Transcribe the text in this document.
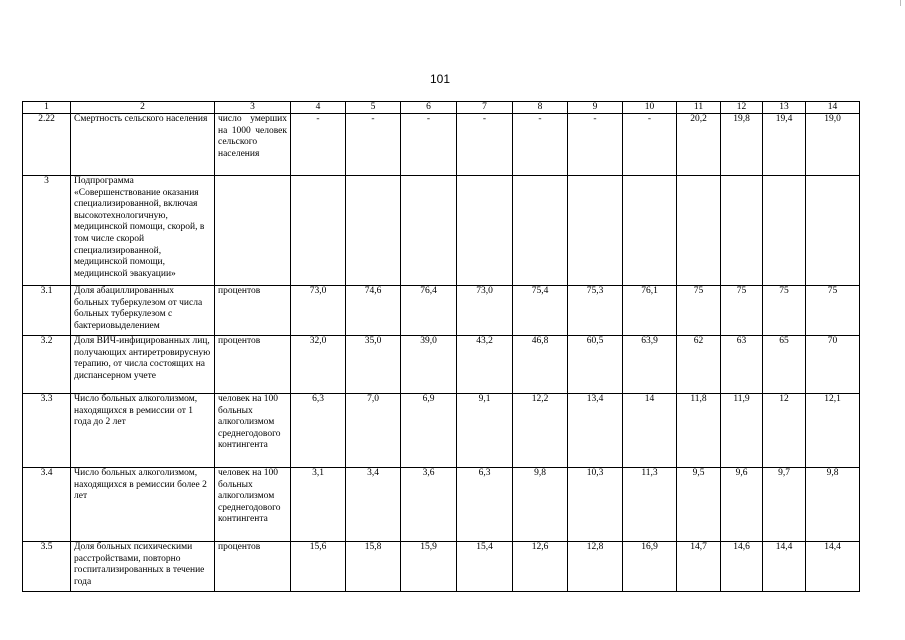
101
1	2	3	4	5	6	7	8	9	10	11	12	13	14
2.22	Смертность сельского населения	число умерших на 1000 человек сельского населения	-	-	-	-	-	-	-	20,2	19,8	19,4	19,0
3	Подпрограмма «Совершенствование оказания специализированной, включая высокотехнологичную, медицинской помощи, скорой, в том числе скорой специализированной, медицинской помощи, медицинской эвакуации»												
3.1	Доля абациллированных больных туберкулезом от числа больных туберкулезом с бактериовыделением	процентов	73,0	74,6	76,4	73,0	75,4	75,3	76,1	75	75	75	75
3.2	Доля ВИЧ-инфицированных лиц, получающих антиретровирусную терапию, от числа состоящих на диспансерном учете	процентов	32,0	35,0	39,0	43,2	46,8	60,5	63,9	62	63	65	70
3.3	Число больных алкоголизмом, находящихся в ремиссии от 1 года до 2 лет	человек на 100 больных алкоголизмом среднегодового контингента	6,3	7,0	6,9	9,1	12,2	13,4	14	11,8	11,9	12	12,1
3.4	Число больных алкоголизмом, находящихся в ремиссии более 2 лет	человек на 100 больных алкоголизмом среднегодового контингента	3,1	3,4	3,6	6,3	9,8	10,3	11,3	9,5	9,6	9,7	9,8
3.5	Доля больных психическими расстройствами, повторно госпитализированных в течение года	процентов	15,6	15,8	15,9	15,4	12,6	12,8	16,9	14,7	14,6	14,4	14,4
